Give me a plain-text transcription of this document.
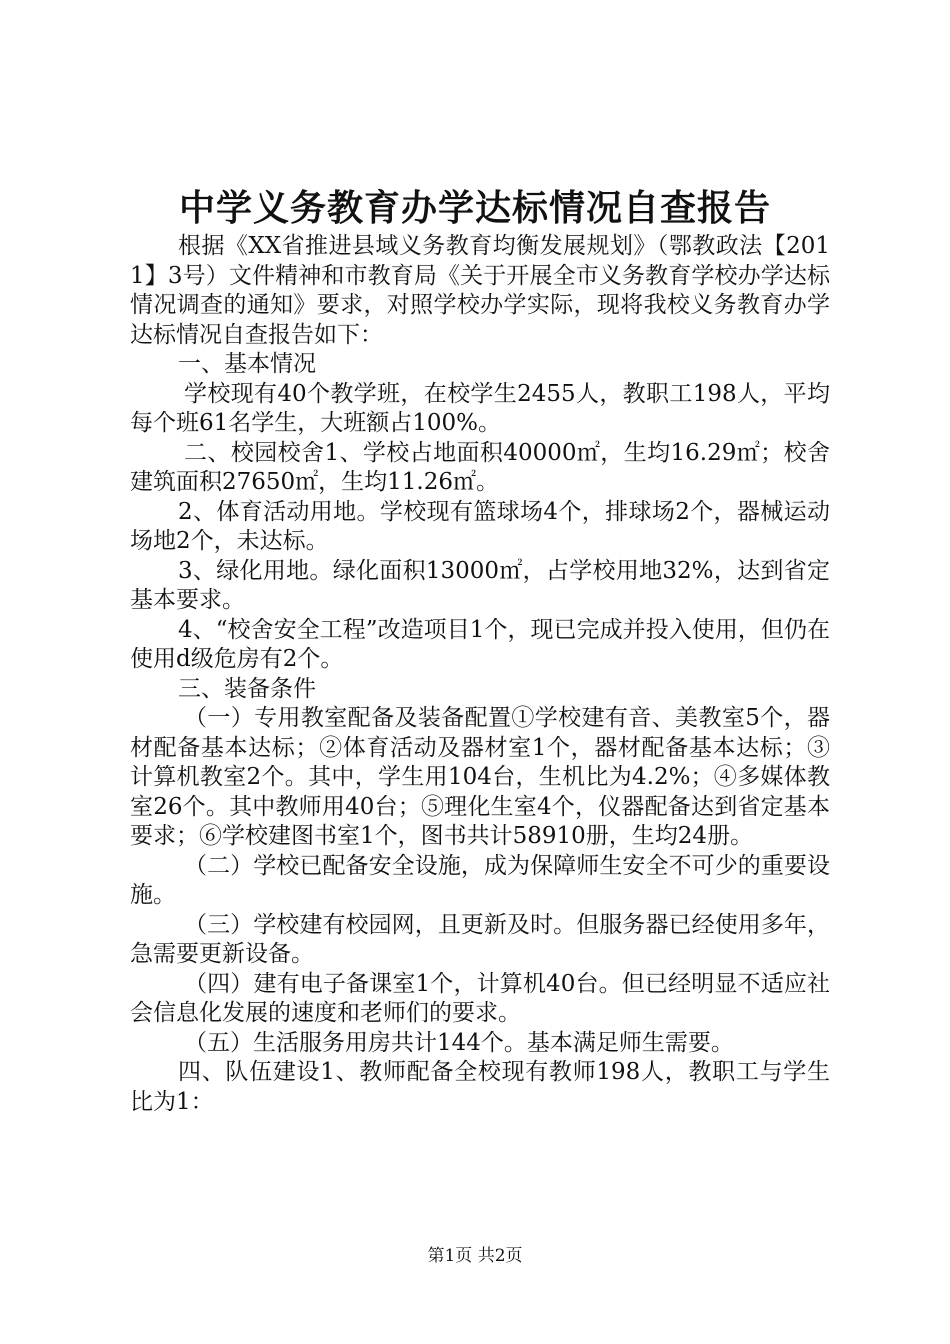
中学义务教育办学达标情况自查报告

根据《XX省推进县域义务教育均衡发展规划》（鄂教政法【2011】3号）文件精神和市教育局《关于开展全市义务教育学校办学达标情况调查的通知》要求，对照学校办学实际，现将我校义务教育办学达标情况自查报告如下：

一、基本情况

学校现有40个教学班，在校学生2455人，教职工198人，平均每个班61名学生，大班额占100%。

二、校园校舍1、学校占地面积40000㎡，生均16.29㎡；校舍建筑面积27650㎡，生均11.26㎡。

2、体育活动用地。学校现有篮球场4个，排球场2个，器械运动场地2个，未达标。

3、绿化用地。绿化面积13000㎡，占学校用地32%，达到省定基本要求。

4、“校舍安全工程”改造项目1个，现已完成并投入使用，但仍在使用d级危房有2个。

三、装备条件

（一）专用教室配备及装备配置①学校建有音、美教室5个，器材配备基本达标；②体育活动及器材室1个，器材配备基本达标；③计算机教室2个。其中，学生用104台，生机比为4.2%；④多媒体教室26个。其中教师用40台；⑤理化生室4个，仪器配备达到省定基本要求；⑥学校建图书室1个，图书共计58910册，生均24册。

（二）学校已配备安全设施，成为保障师生安全不可少的重要设施。

（三）学校建有校园网，且更新及时。但服务器已经使用多年，急需要更新设备。

（四）建有电子备课室1个，计算机40台。但已经明显不适应社会信息化发展的速度和老师们的要求。

（五）生活服务用房共计144个。基本满足师生需要。

四、队伍建设1、教师配备全校现有教师198人，教职工与学生比为1：

第1页 共2页
